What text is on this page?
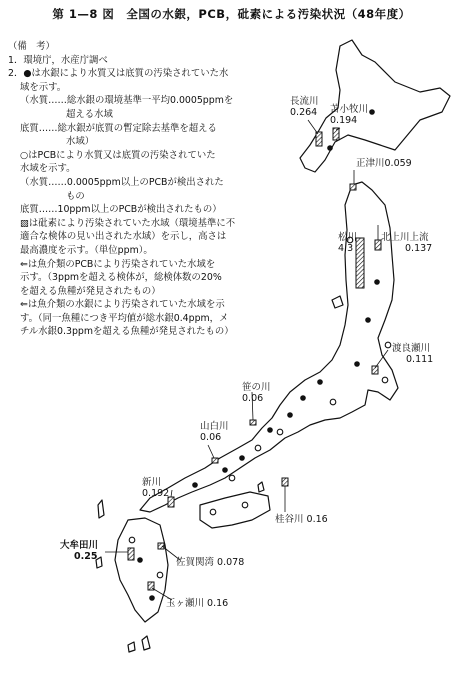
第 1—8 図　全国の水銀，PCB，砒素による汚染状況（48年度）
（備　考）
1．環境庁，水産庁調べ
2．●は水銀により水質又は底質の汚染されていた水
域を示す。
（水質……総水銀の環境基準一平均0.0005ppmを
超える水域
底質……総水銀が底質の暫定除去基準を超える
水域）
○はPCBにより水質又は底質の汚染されていた
水域を示す。
（水質……0.0005ppm以上のPCBが検出された
もの
底質……10ppm以上のPCBが検出されたもの）
▧は砒素により汚染されていた水域（環境基準に不
適合な検体の見い出された水域）を示し，高さは
最高濃度を示す。（単位ppm）。
⇐は魚介類のPCBにより汚染されていた水域を
示す。（3ppmを超える検体が，総検体数の20%
を超える魚種が発見されたもの）
⇐は魚介類の水銀により汚染されていた水域を示
す。（同一魚種につき平均値が総水銀0.4ppm，メ
チル水銀0.3ppmを超える魚種が発見されたもの）
長流川
0.264 苫小牧川
0.194
正津川0.059
松川
4.3
北上川上流
0.137
渡良瀬川
0.111
笹の川
0.06
山白川
0.06
新川
0.192
桂谷川 0.16
大牟田川
0.25
佐賀関湾 0.078
玉ヶ瀬川 0.16
